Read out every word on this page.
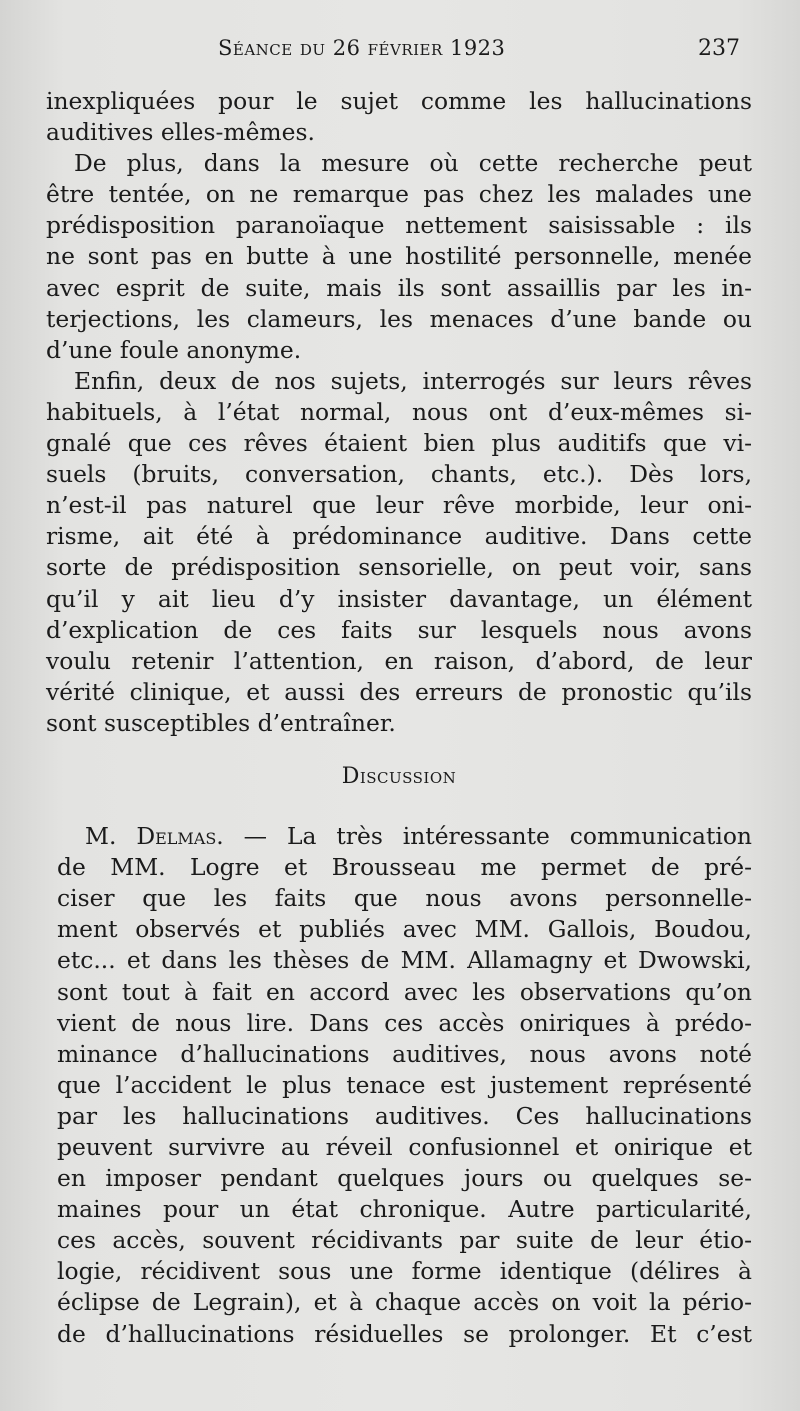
Séance du 26 février 1923	237
inexpliquées pour le sujet comme les hallucinations
auditives elles-mêmes.
De plus, dans la mesure où cette recherche peut
être tentée, on ne remarque pas chez les malades une
prédisposition paranoïaque nettement saisissable : ils
ne sont pas en butte à une hostilité personnelle, menée
avec esprit de suite, mais ils sont assaillis par les in-
terjections, les clameurs, les menaces d’une bande ou
d’une foule anonyme.
Enfin, deux de nos sujets, interrogés sur leurs rêves
habituels, à l’état normal, nous ont d’eux-mêmes si-
gnalé que ces rêves étaient bien plus auditifs que vi-
suels (bruits, conversation, chants, etc.). Dès lors,
n’est-il pas naturel que leur rêve morbide, leur oni-
risme, ait été à prédominance auditive. Dans cette
sorte de prédisposition sensorielle, on peut voir, sans
qu’il y ait lieu d’y insister davantage, un élément
d’explication de ces faits sur lesquels nous avons
voulu retenir l’attention, en raison, d’abord, de leur
vérité clinique, et aussi des erreurs de pronostic qu’ils
sont susceptibles d’entraîner.
Discussion
M. Delmas. — La très intéressante communication
de MM. Logre et Brousseau me permet de pré-
ciser que les faits que nous avons personnelle-
ment observés et publiés avec MM. Gallois, Boudou,
etc... et dans les thèses de MM. Allamagny et Dwowski,
sont tout à fait en accord avec les observations qu’on
vient de nous lire. Dans ces accès oniriques à prédo-
minance d’hallucinations auditives, nous avons noté
que l’accident le plus tenace est justement représenté
par les hallucinations auditives. Ces hallucinations
peuvent survivre au réveil confusionnel et onirique et
en imposer pendant quelques jours ou quelques se-
maines pour un état chronique. Autre particularité,
ces accès, souvent récidivants par suite de leur étio-
logie, récidivent sous une forme identique (délires à
éclipse de Legrain), et à chaque accès on voit la pério-
de d’hallucinations résiduelles se prolonger. Et c’est
